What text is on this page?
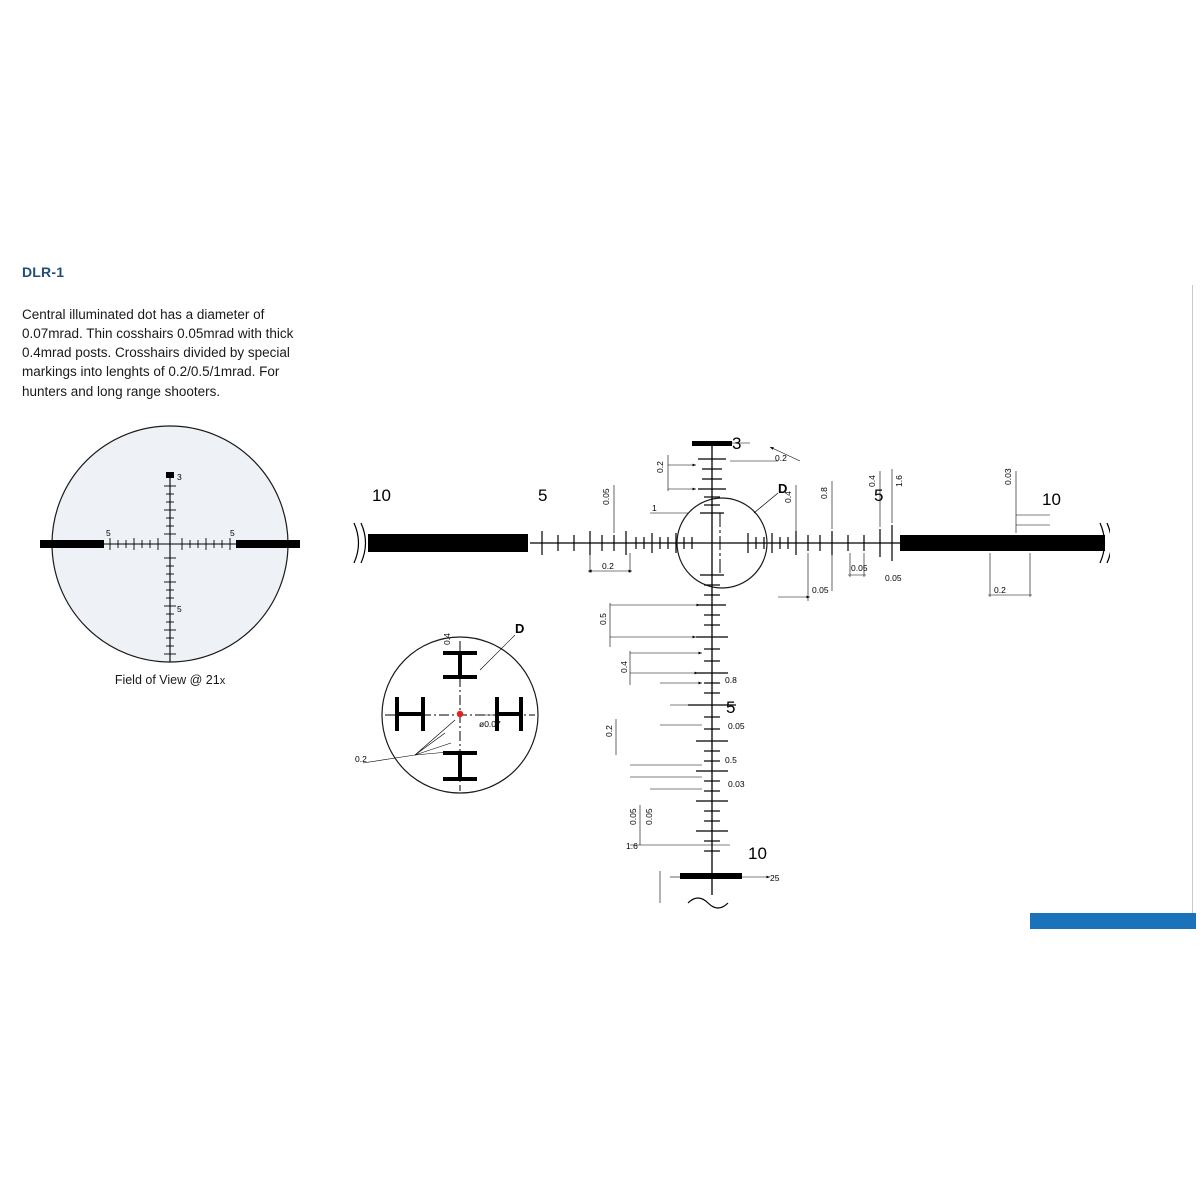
DLR-1
Central illuminated dot has a diameter of 0.07mrad. Thin cosshairs 0.05mrad with thick 0.4mrad posts. Crosshairs divided by special markings into lenghts of 0.2/0.5/1mrad. For hunters and long range shooters.
3
5	5
5
Field of View @ 21x
0.2
ø0.07
D
0.4
D
10	5	5	10
3
5
10
0.2
0.2
0.05
1
0.2
0.4	0.8
0.4 1.6	0.03
0.05
0.05
0.05
0.2
0.5
0.4
0.8
0.05
0.2
0.5
0.03
0.05 0.05
1.6
25
